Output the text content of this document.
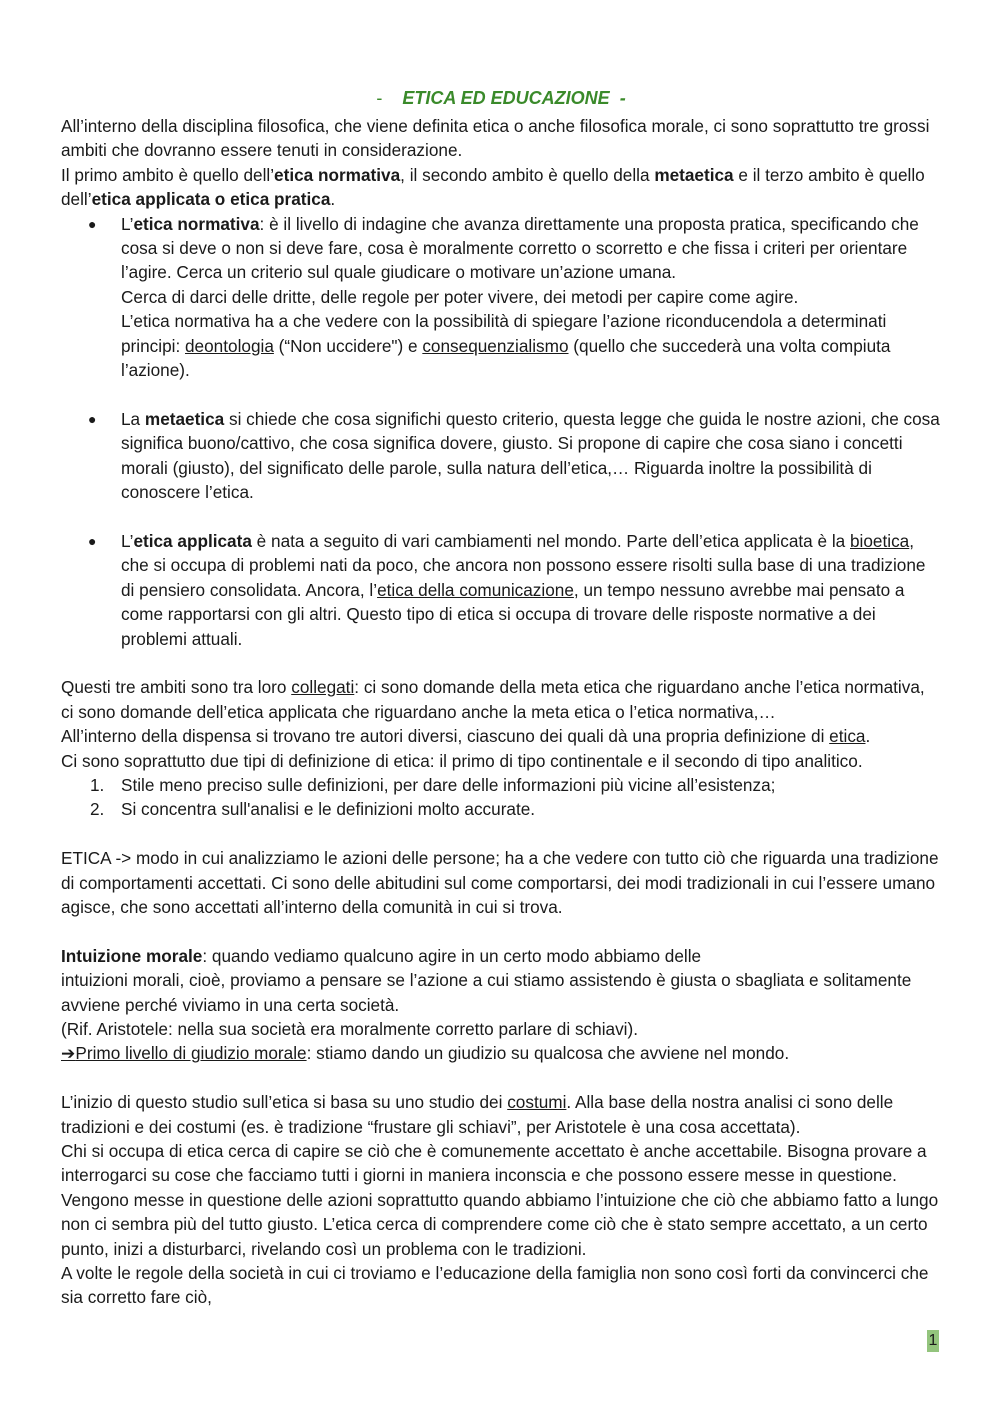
- ETICA ED EDUCAZIONE -

All’interno della disciplina filosofica, che viene definita etica o anche filosofica morale, ci sono soprattutto tre grossi ambiti che dovranno essere tenuti in considerazione.

Il primo ambito è quello dell’etica normativa, il secondo ambito è quello della metaetica e il terzo ambito è quello dell’etica applicata o etica pratica.

● L’etica normativa: è il livello di indagine che avanza direttamente una proposta pratica, specificando che cosa si deve o non si deve fare, cosa è moralmente corretto o scorretto e che fissa i criteri per orientare l’agire. Cerca un criterio sul quale giudicare o motivare un’azione umana.
Cerca di darci delle dritte, delle regole per poter vivere, dei metodi per capire come agire.
L’etica normativa ha a che vedere con la possibilità di spiegare l’azione riconducendola a determinati principi: deontologia (“Non uccidere") e consequenzialismo (quello che succederà una volta compiuta l’azione).
● La metaetica si chiede che cosa significhi questo criterio, questa legge che guida le nostre azioni, che cosa significa buono/cattivo, che cosa significa dovere, giusto. Si propone di capire che cosa siano i concetti morali (giusto), del significato delle parole, sulla natura dell’etica,… Riguarda inoltre la possibilità di conoscere l’etica.
● L’etica applicata è nata a seguito di vari cambiamenti nel mondo. Parte dell’etica applicata è la bioetica, che si occupa di problemi nati da poco, che ancora non possono essere risolti sulla base di una tradizione di pensiero consolidata. Ancora, l’etica della comunicazione, un tempo nessuno avrebbe mai pensato a come rapportarsi con gli altri. Questo tipo di etica si occupa di trovare delle risposte normative a dei problemi attuali.

Questi tre ambiti sono tra loro collegati: ci sono domande della meta etica che riguardano anche l’etica normativa, ci sono domande dell’etica applicata che riguardano anche la meta etica o l’etica normativa,…

All’interno della dispensa si trovano tre autori diversi, ciascuno dei quali dà una propria definizione di etica.

Ci sono soprattutto due tipi di definizione di etica: il primo di tipo continentale e il secondo di tipo analitico.

1. Stile meno preciso sulle definizioni, per dare delle informazioni più vicine all’esistenza;
2. Si concentra sull'analisi e le definizioni molto accurate.

ETICA -> modo in cui analizziamo le azioni delle persone; ha a che vedere con tutto ciò che riguarda una tradizione di comportamenti accettati. Ci sono delle abitudini sul come comportarsi, dei modi tradizionali in cui l’essere umano agisce, che sono accettati all’interno della comunità in cui si trova.

Intuizione morale: quando vediamo qualcuno agire in un certo modo abbiamo delle

intuizioni morali, cioè, proviamo a pensare se l’azione a cui stiamo assistendo è giusta o sbagliata e solitamente avviene perché viviamo in una certa società.

(Rif. Aristotele: nella sua società era moralmente corretto parlare di schiavi).

➔Primo livello di giudizio morale: stiamo dando un giudizio su qualcosa che avviene nel mondo.

L’inizio di questo studio sull’etica si basa su uno studio dei costumi. Alla base della nostra analisi ci sono delle tradizioni e dei costumi (es. è tradizione “frustare gli schiavi”, per Aristotele è una cosa accettata).

Chi si occupa di etica cerca di capire se ciò che è comunemente accettato è anche accettabile. Bisogna provare a interrogarci su cose che facciamo tutti i giorni in maniera inconscia e che possono essere messe in questione. Vengono messe in questione delle azioni soprattutto quando abbiamo l’intuizione che ciò che abbiamo fatto a lungo non ci sembra più del tutto giusto. L’etica cerca di comprendere come ciò che è stato sempre accettato, a un certo punto, inizi a disturbarci, rivelando così un problema con le tradizioni.

A volte le regole della società in cui ci troviamo e l’educazione della famiglia non sono così forti da convincerci che sia corretto fare ciò,

1
